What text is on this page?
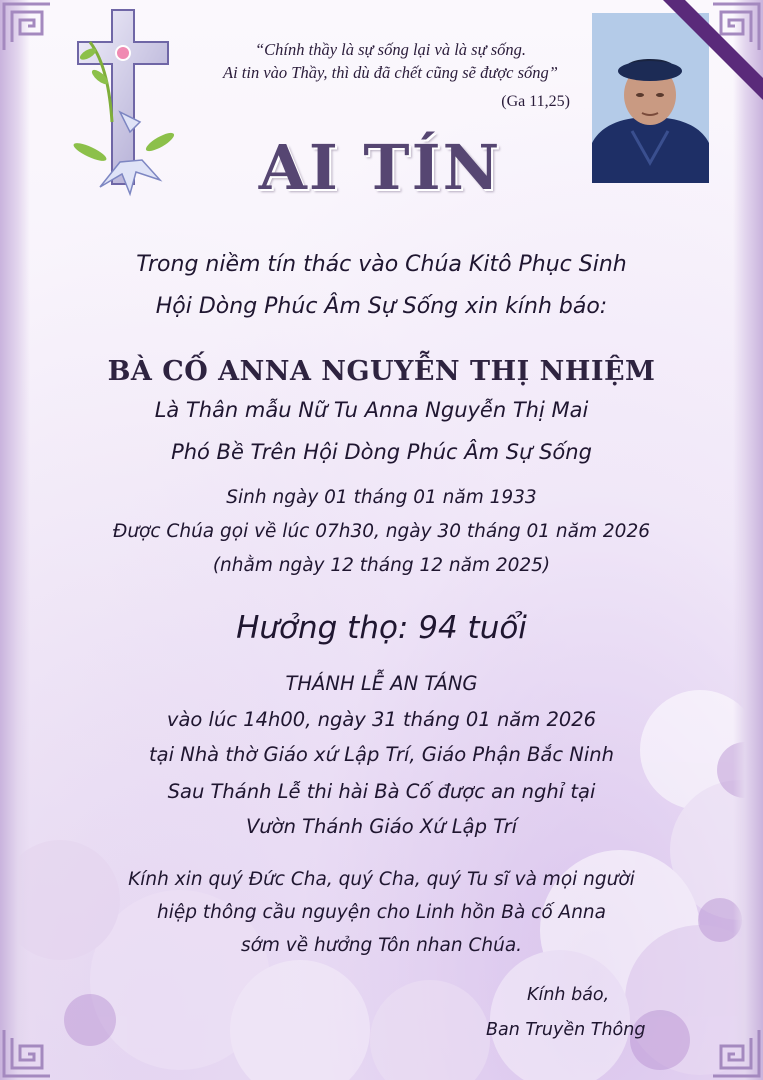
“Chính thầy là sự sống lại và là sự sống.
Ai tin vào Thầy, thì dù đã chết cũng sẽ được sống”
(Ga 11,25)
AI TÍN
Trong niềm tín thác vào Chúa Kitô Phục Sinh
Hội Dòng Phúc Âm Sự Sống xin kính báo:
BÀ CỐ ANNA NGUYỄN THỊ NHIỆM
Là Thân mẫu Nữ Tu Anna Nguyễn Thị Mai
Phó Bề Trên Hội Dòng Phúc Âm Sự Sống
Sinh ngày 01 tháng 01 năm 1933
Được Chúa gọi về lúc 07h30, ngày 30 tháng 01 năm 2026
(nhằm ngày 12 tháng 12 năm 2025)
Hưởng thọ: 94 tuổi
THÁNH LỄ AN TÁNG
vào lúc 14h00, ngày 31 tháng 01 năm 2026
tại Nhà thờ Giáo xứ Lập Trí, Giáo Phận Bắc Ninh
Sau Thánh Lễ thi hài Bà Cố được an nghỉ tại
Vườn Thánh Giáo Xứ Lập Trí
Kính xin quý Đức Cha, quý Cha, quý Tu sĩ và mọi người
hiệp thông cầu nguyện cho Linh hồn Bà cố Anna
sớm về hưởng Tôn nhan Chúa.
Kính báo,
Ban Truyền Thông
